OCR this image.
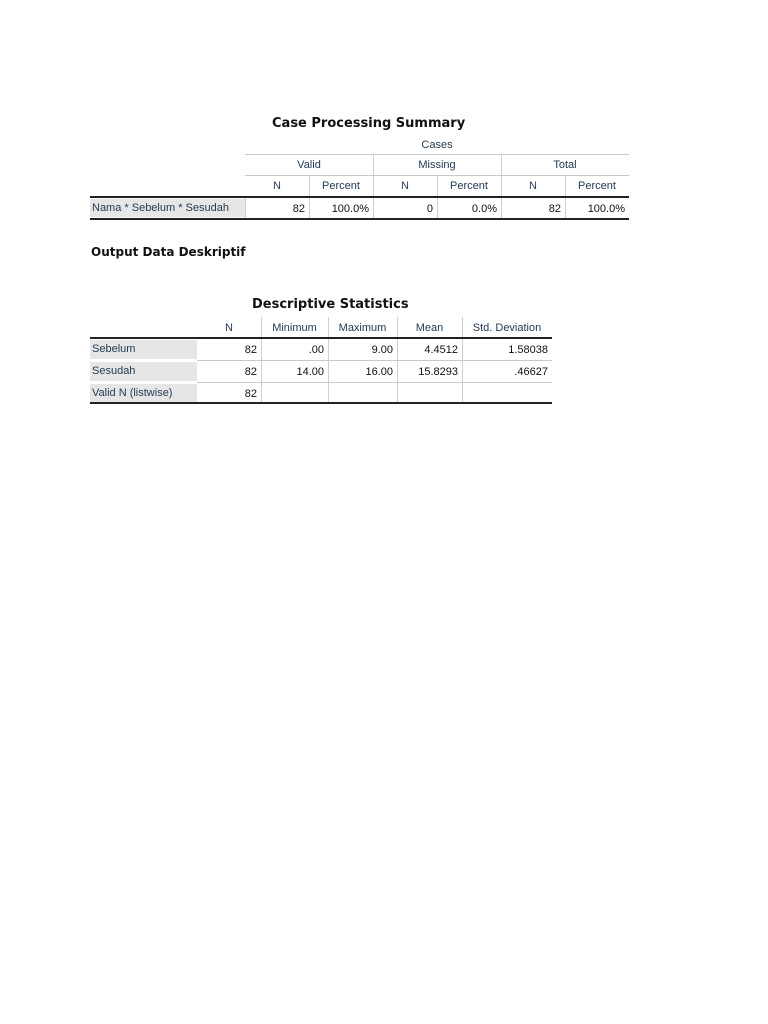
Case Processing Summary
Cases
Valid	Missing	Total
N	Percent	N	Percent	N	Percent
Nama * Sebelum * Sesudah	82	100.0%	0	0.0%	82	100.0%
Output Data Deskriptif
Descriptive Statistics
N	Minimum	Maximum	Mean	Std. Deviation
Sebelum	82	.00	9.00	4.4512	1.58038
Sesudah	82	14.00	16.00	15.8293	.46627
Valid N (listwise)	82
